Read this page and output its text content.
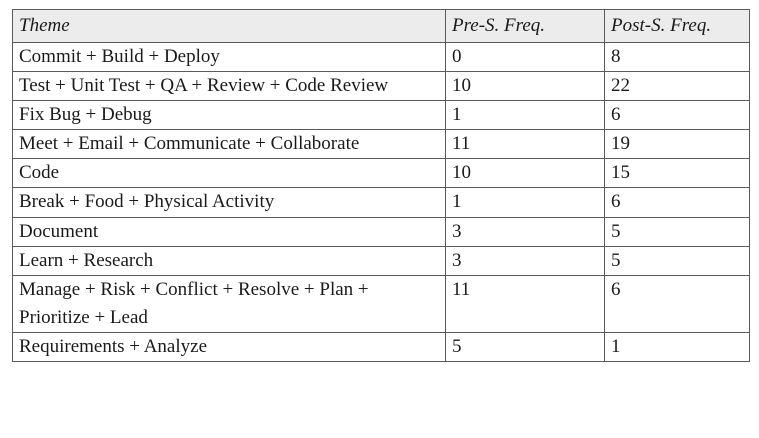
Theme	Pre-S. Freq.	Post-S. Freq.
Commit + Build + Deploy	0	8
Test + Unit Test + QA + Review + Code Review	10	22
Fix Bug + Debug	1	6
Meet + Email + Communicate + Collaborate	11	19
Code	10	15
Break + Food + Physical Activity	1	6
Document	3	5
Learn + Research	3	5
Manage + Risk + Conflict + Resolve + Plan + Prioritize + Lead	11	6
Requirements + Analyze	5	1
